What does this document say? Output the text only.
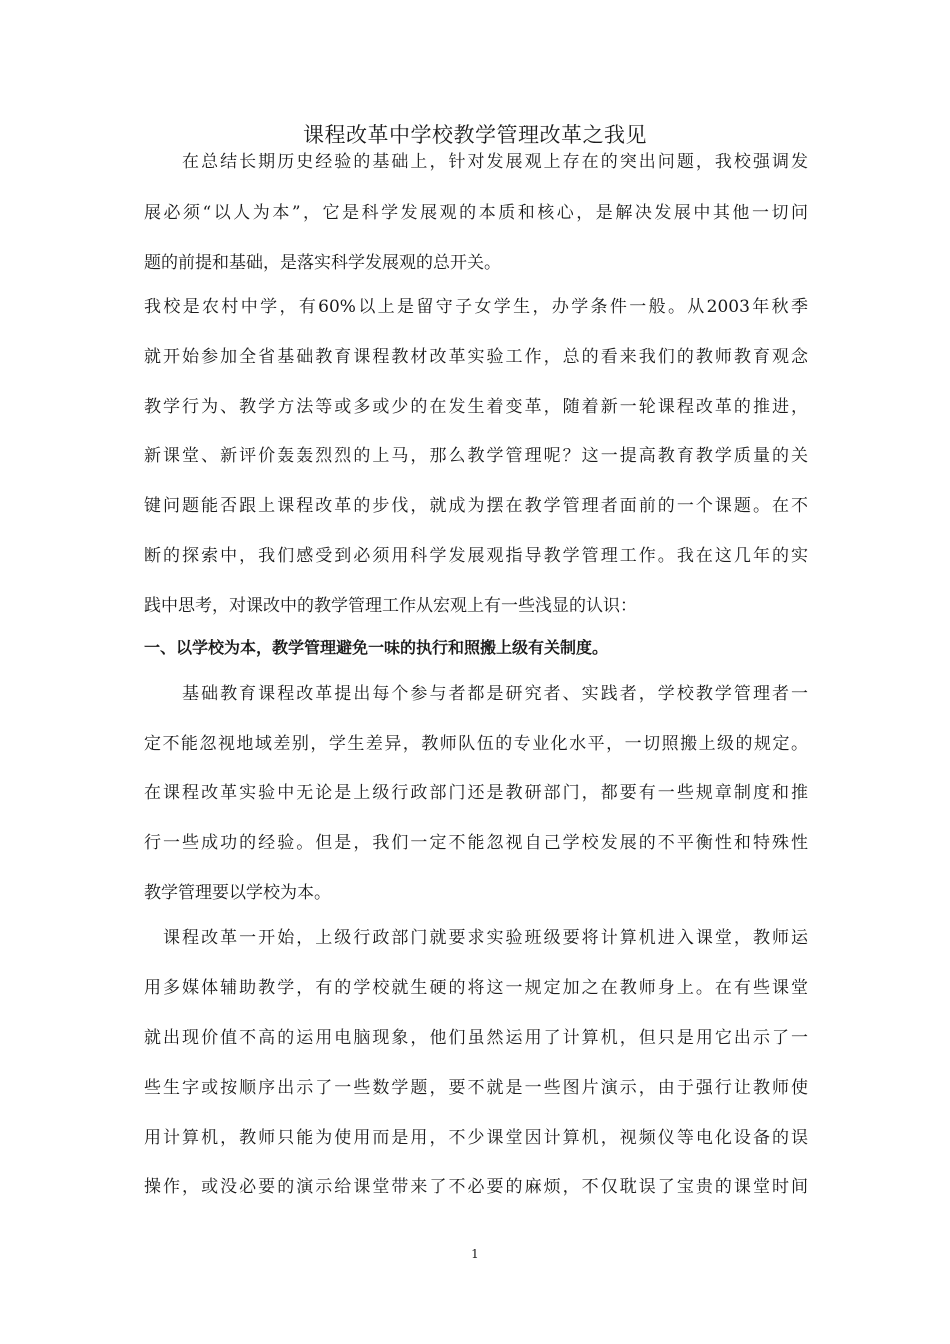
课程改革中学校教学管理改革之我见
　　在总结长期历史经验的基础上，针对发展观上存在的突出问题，我校强调发
展必须“以人为本”，它是科学发展观的本质和核心，是解决发展中其他一切问
题的前提和基础，是落实科学发展观的总开关。
我校是农村中学，有60%以上是留守子女学生，办学条件一般。从2003年秋季
就开始参加全省基础教育课程教材改革实验工作，总的看来我们的教师教育观念
教学行为、教学方法等或多或少的在发生着变革，随着新一轮课程改革的推进，
新课堂、新评价轰轰烈烈的上马，那么教学管理呢？这一提高教育教学质量的关
键问题能否跟上课程改革的步伐，就成为摆在教学管理者面前的一个课题。在不
断的探索中，我们感受到必须用科学发展观指导教学管理工作。我在这几年的实
践中思考，对课改中的教学管理工作从宏观上有一些浅显的认识：
一、以学校为本，教学管理避免一味的执行和照搬上级有关制度。
　　基础教育课程改革提出每个参与者都是研究者、实践者，学校教学管理者一
定不能忽视地域差别，学生差异，教师队伍的专业化水平，一切照搬上级的规定。
在课程改革实验中无论是上级行政部门还是教研部门，都要有一些规章制度和推
行一些成功的经验。但是，我们一定不能忽视自己学校发展的不平衡性和特殊性
教学管理要以学校为本。
　课程改革一开始，上级行政部门就要求实验班级要将计算机进入课堂，教师运
用多媒体辅助教学，有的学校就生硬的将这一规定加之在教师身上。在有些课堂
就出现价值不高的运用电脑现象，他们虽然运用了计算机，但只是用它出示了一
些生字或按顺序出示了一些数学题，要不就是一些图片演示，由于强行让教师使
用计算机，教师只能为使用而是用，不少课堂因计算机，视频仪等电化设备的误
操作，或没必要的演示给课堂带来了不必要的麻烦，不仅耽误了宝贵的课堂时间
1
